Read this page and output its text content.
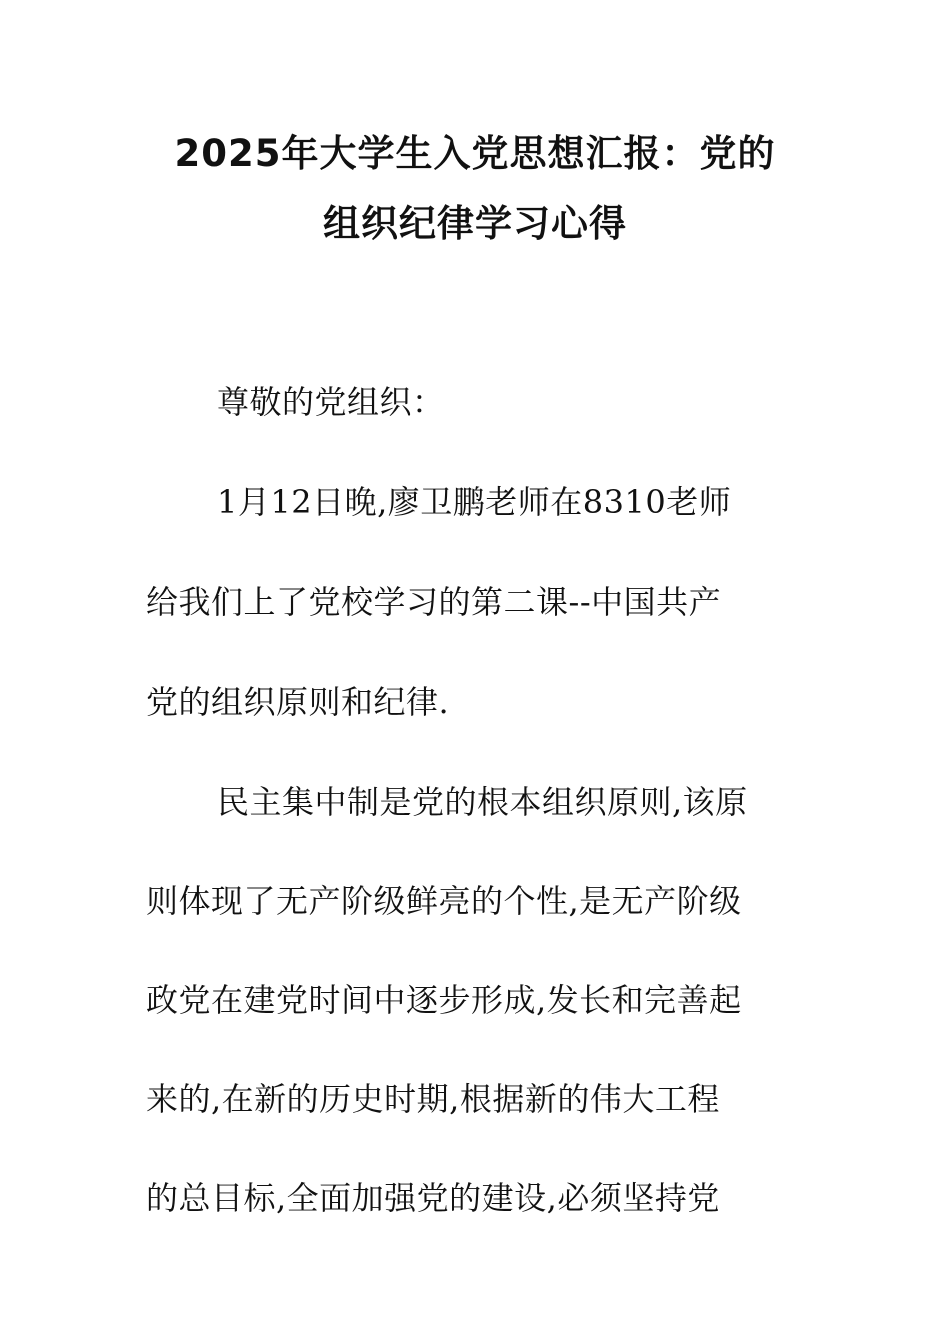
2025年大学生入党思想汇报：党的
组织纪律学习心得
尊敬的党组织：
1月12日晚,廖卫鹏老师在8310老师
给我们上了党校学习的第二课--中国共产
党的组织原则和纪律.
民主集中制是党的根本组织原则,该原
则体现了无产阶级鲜亮的个性,是无产阶级
政党在建党时间中逐步形成,发长和完善起
来的,在新的历史时期,根据新的伟大工程
的总目标,全面加强党的建设,必须坚持党
